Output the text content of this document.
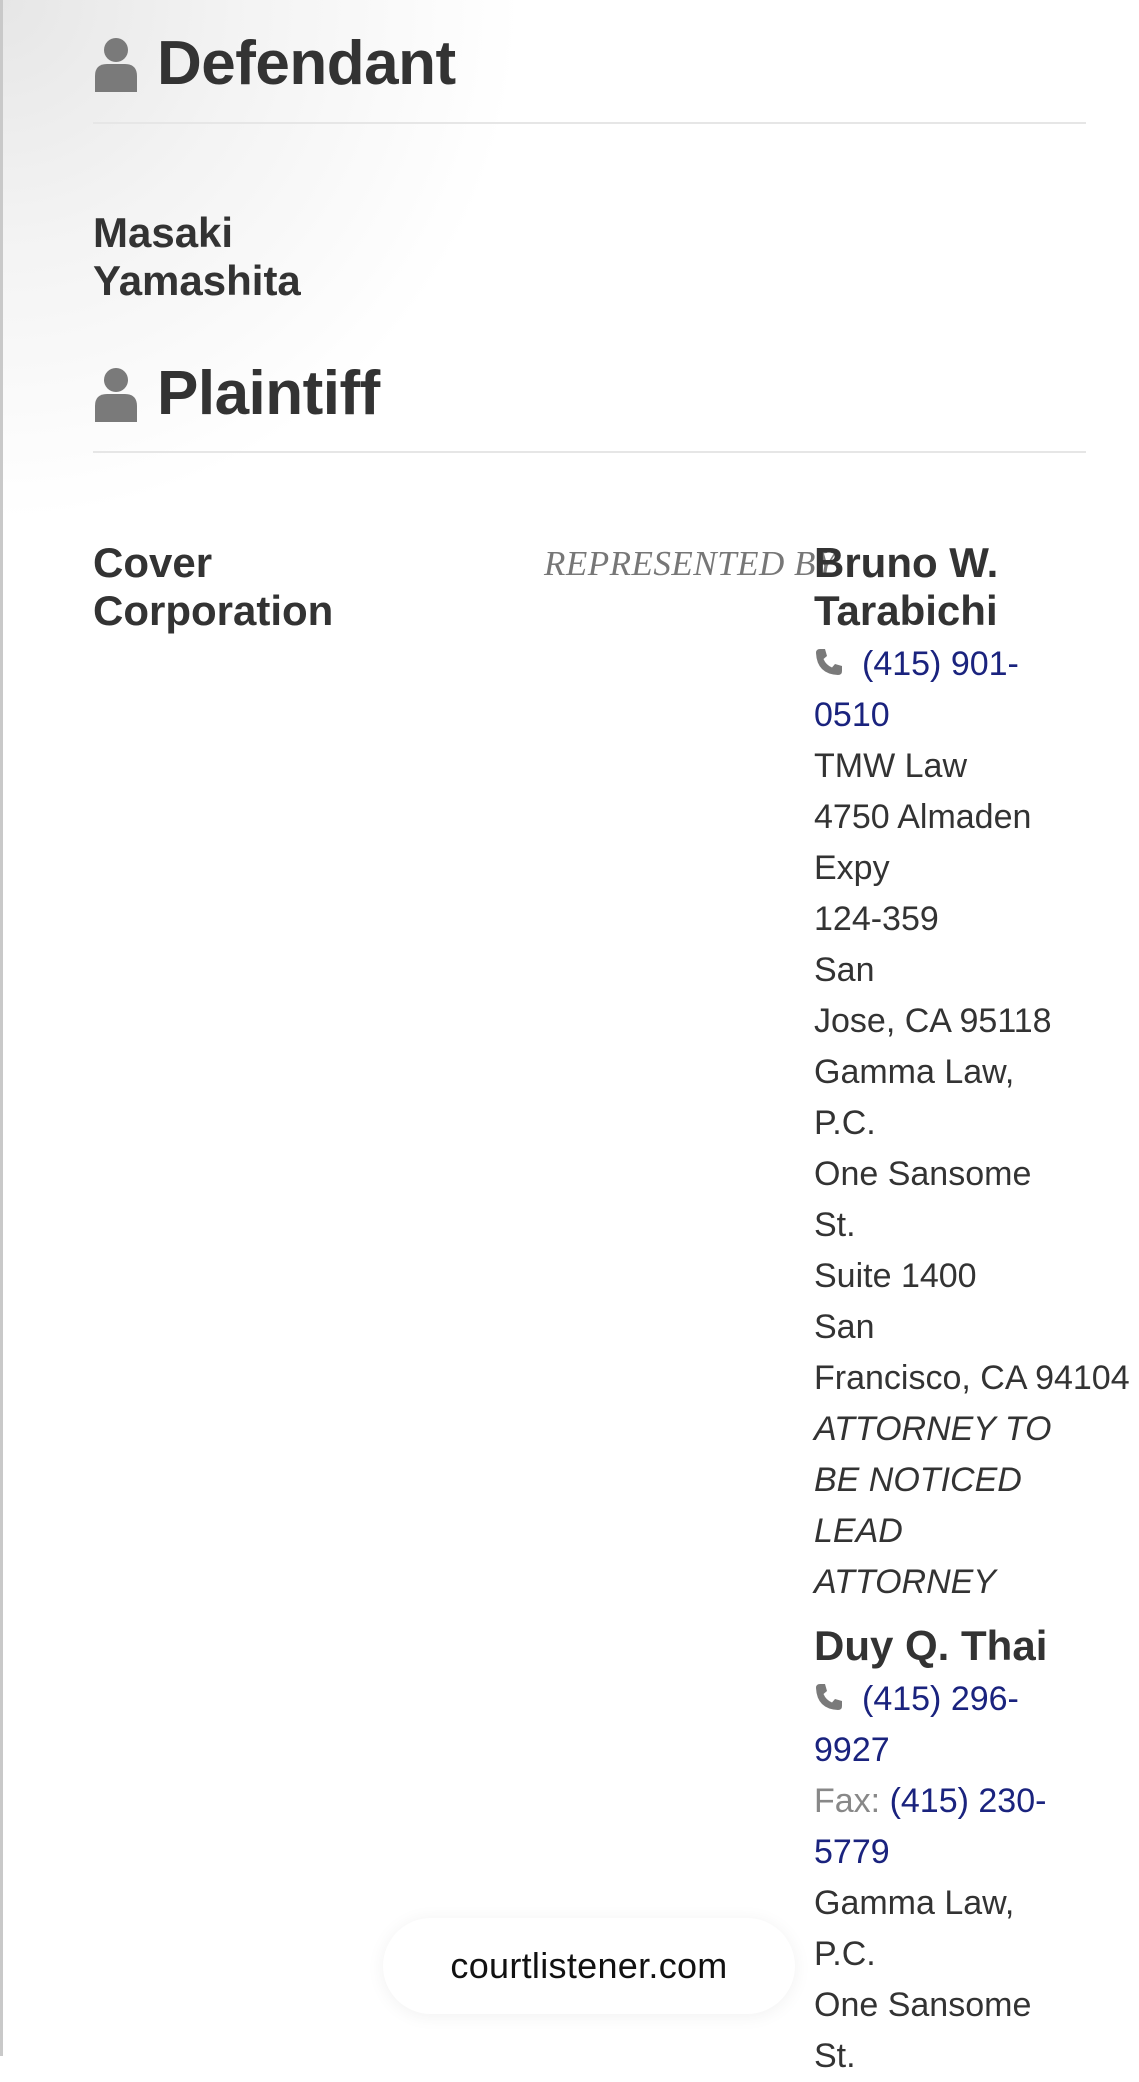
Defendant
Masaki Yamashita
Plaintiff
Cover Corporation
REPRESENTED BY
Bruno W. Tarabichi
(415) 901-
0510
TMW Law
4750 Almaden
Expy
124-359
San
Jose, CA 95118
Gamma Law,
P.C.
One Sansome
St.
Suite 1400
San
Francisco, CA 94104
ATTORNEY TO
BE NOTICED
LEAD
ATTORNEY
Duy Q. Thai
(415) 296-
9927
Fax: (415) 230-
5779
Gamma Law,
P.C.
One Sansome
St.
courtlistener.com
